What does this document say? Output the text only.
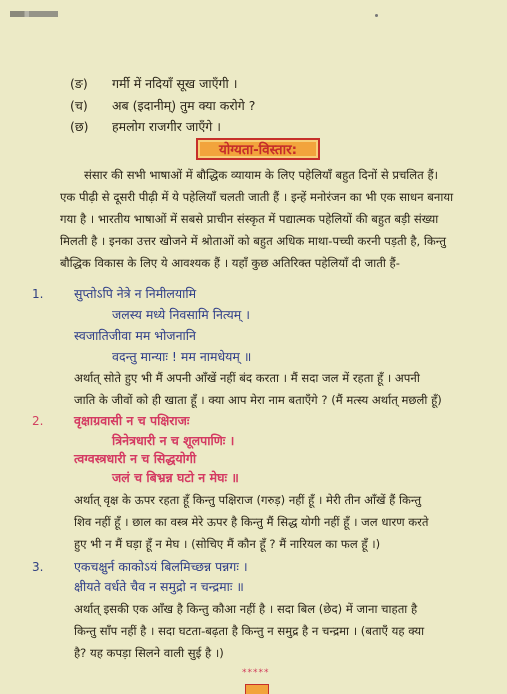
(ङ) गर्मी में नदियाँ सूख जाएँगी ।
(च) अब (इदानीम्) तुम क्या करोगे ?
(छ) हमलोग राजगीर जाएँगे ।
योग्यता-विस्तार:
संसार की सभी भाषाओं में बौद्धिक व्यायाम के लिए पहेलियाँ बहुत दिनों से प्रचलित हैं।
एक पीढ़ी से दूसरी पीढ़ी में ये पहेलियाँ चलती जाती हैं । इन्हें मनोरंजन का भी एक साधन बनाया
गया है । भारतीय भाषाओं में सबसे प्राचीन संस्कृत में पद्यात्मक पहेलियों की बहुत बड़ी संख्या
मिलती है । इनका उत्तर खोजने में श्रोताओं को बहुत अधिक माथा-पच्ची करनी पड़ती है, किन्तु
बौद्धिक विकास के लिए ये आवश्यक हैं । यहाँ कुछ अतिरिक्त पहेलियाँ दी जाती हैं-
1. सुप्तोऽपि नेत्रे न निमीलयामि
जलस्य मध्ये निवसामि नित्यम् ।
स्वजातिजीवा मम भोजनानि
वदन्तु मान्याः ! मम नामधेयम् ॥
अर्थात् सोते हुए भी मैं अपनी आँखें नहीं बंद करता । मैं सदा जल में रहता हूँ । अपनी
जाति के जीवों को ही खाता हूँ । क्या आप मेरा नाम बताएँगे ? (मैं मत्स्य अर्थात् मछली हूँ)
2. वृक्षाग्रवासी न च पक्षिराजः
त्रिनेत्रधारी न च शूलपाणिः ।
त्वग्वस्त्रधारी न च सिद्धयोगी
जलं च बिभ्रन्न घटो न मेघः ॥
अर्थात् वृक्ष के ऊपर रहता हूँ किन्तु पक्षिराज (गरुड़) नहीं हूँ । मेरी तीन आँखें हैं किन्तु
शिव नहीं हूँ । छाल का वस्त्र मेरे ऊपर है किन्तु मैं सिद्ध योगी नहीं हूँ । जल धारण करते
हुए भी न मैं घड़ा हूँ न मेघ । (सोचिए मैं कौन हूँ ? मैं नारियल का फल हूँ ।)
3. एकचक्षुर्न काकोऽयं बिलमिच्छन्न पन्नगः ।
क्षीयते वर्धते चैव न समुद्रो न चन्द्रमाः ॥
अर्थात् इसकी एक आँख है किन्तु कौआ नहीं है । सदा बिल (छेद) में जाना चाहता है
किन्तु साँप नहीं है । सदा घटता-बढ़ता है किन्तु न समुद्र है न चन्द्रमा । (बताएँ यह क्या
है? यह कपड़ा सिलने वाली सुई है ।)
*****
